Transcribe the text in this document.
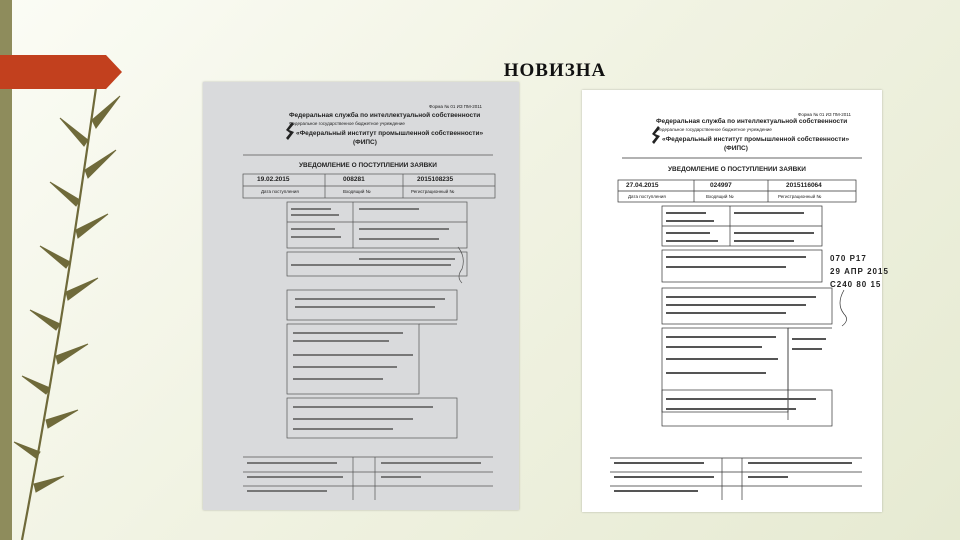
НОВИЗНА
Форма № 01 ИЗ ПМ-2011
Федеральная служба по интеллектуальной собственности
Федеральное государственное бюджетное учреждение
«Федеральный институт промышленной собственности»
(ФИПС)
УВЕДОМЛЕНИЕ О ПОСТУПЛЕНИИ ЗАЯВКИ
19.02.2015	008281	2015108235
Дата поступления	Входящий №	Регистрационный №
Форма № 01 ИЗ ПМ-2011
Федеральная служба по интеллектуальной собственности
Федеральное государственное бюджетное учреждение
«Федеральный институт промышленной собственности»
(ФИПС)
УВЕДОМЛЕНИЕ О ПОСТУПЛЕНИИ ЗАЯВКИ
27.04.2015	024997	2015116064
Дата поступления	Входящий №	Регистрационный №
070 Р17
29 АПР 2015
С240 80 15
